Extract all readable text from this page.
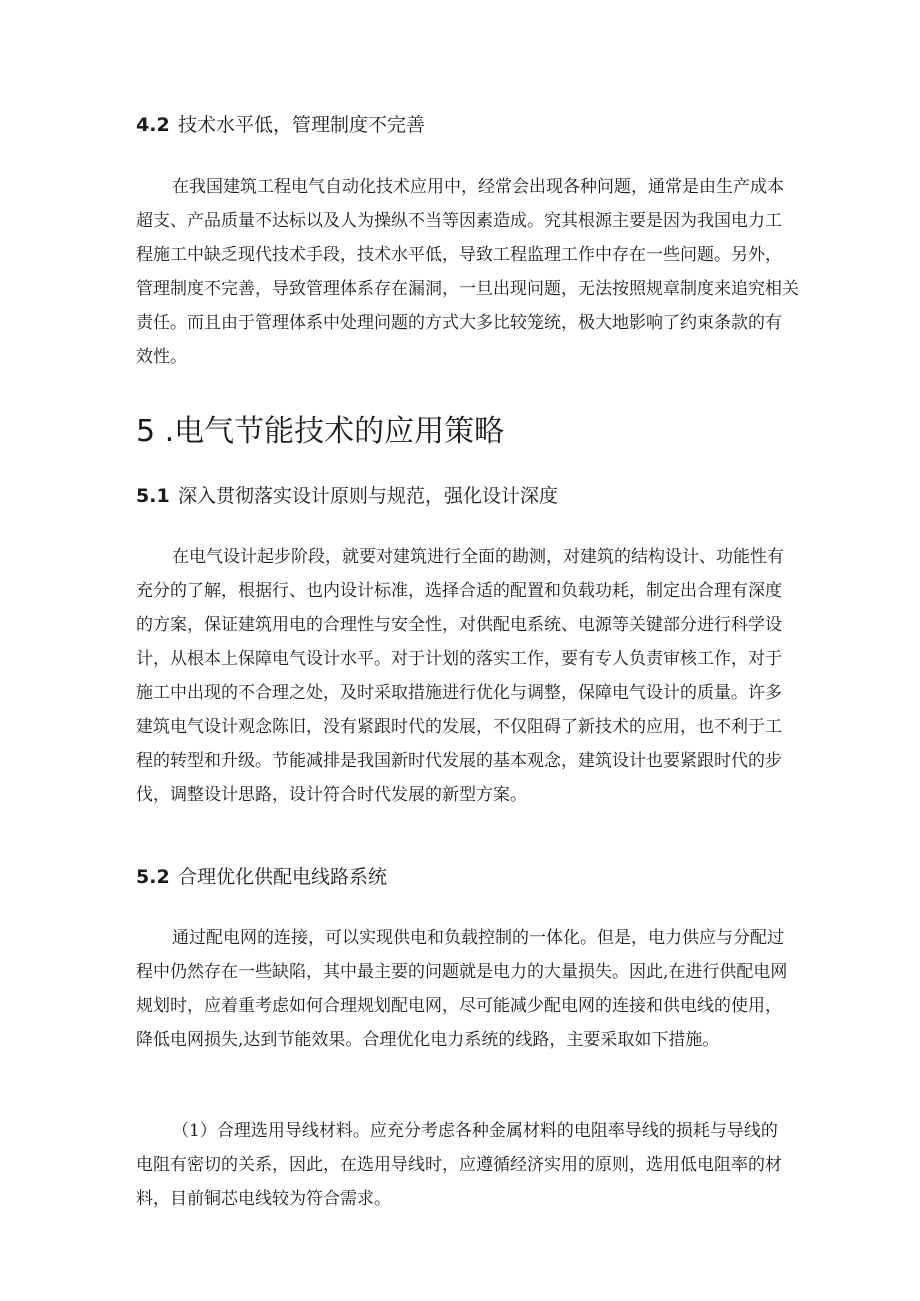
4.2 技术水平低，管理制度不完善
在我国建筑工程电气自动化技术应用中，经常会出现各种问题，通常是由生产成本
超支、产品质量不达标以及人为操纵不当等因素造成。究其根源主要是因为我国电力工
程施工中缺乏现代技术手段，技术水平低，导致工程监理工作中存在一些问题。另外，
管理制度不完善，导致管理体系存在漏洞，一旦出现问题，无法按照规章制度来追究相关
责任。而且由于管理体系中处理问题的方式大多比较笼统，极大地影响了约束条款的有
效性。
5 .电气节能技术的应用策略
5.1 深入贯彻落实设计原则与规范，强化设计深度
在电气设计起步阶段，就要对建筑进行全面的勘测，对建筑的结构设计、功能性有
充分的了解，根据行、也内设计标准，选择合适的配置和负载功耗，制定出合理有深度
的方案，保证建筑用电的合理性与安全性，对供配电系统、电源等关键部分进行科学设
计，从根本上保障电气设计水平。对于计划的落实工作，要有专人负责审核工作，对于
施工中出现的不合理之处，及时采取措施进行优化与调整，保障电气设计的质量。许多
建筑电气设计观念陈旧，没有紧跟时代的发展，不仅阻碍了新技术的应用，也不利于工
程的转型和升级。节能减排是我国新时代发展的基本观念，建筑设计也要紧跟时代的步
伐，调整设计思路，设计符合时代发展的新型方案。
5.2 合理优化供配电线路系统
通过配电网的连接，可以实现供电和负载控制的一体化。但是，电力供应与分配过
程中仍然存在一些缺陷，其中最主要的问题就是电力的大量损失。因此,在进行供配电网
规划时，应着重考虑如何合理规划配电网，尽可能减少配电网的连接和供电线的使用，
降低电网损失,达到节能效果。合理优化电力系统的线路，主要采取如下措施。
（1）合理选用导线材料。应充分考虑各种金属材料的电阻率导线的损耗与导线的
电阻有密切的关系，因此，在选用导线时，应遵循经济实用的原则，选用低电阻率的材
料，目前铜芯电线较为符合需求。
